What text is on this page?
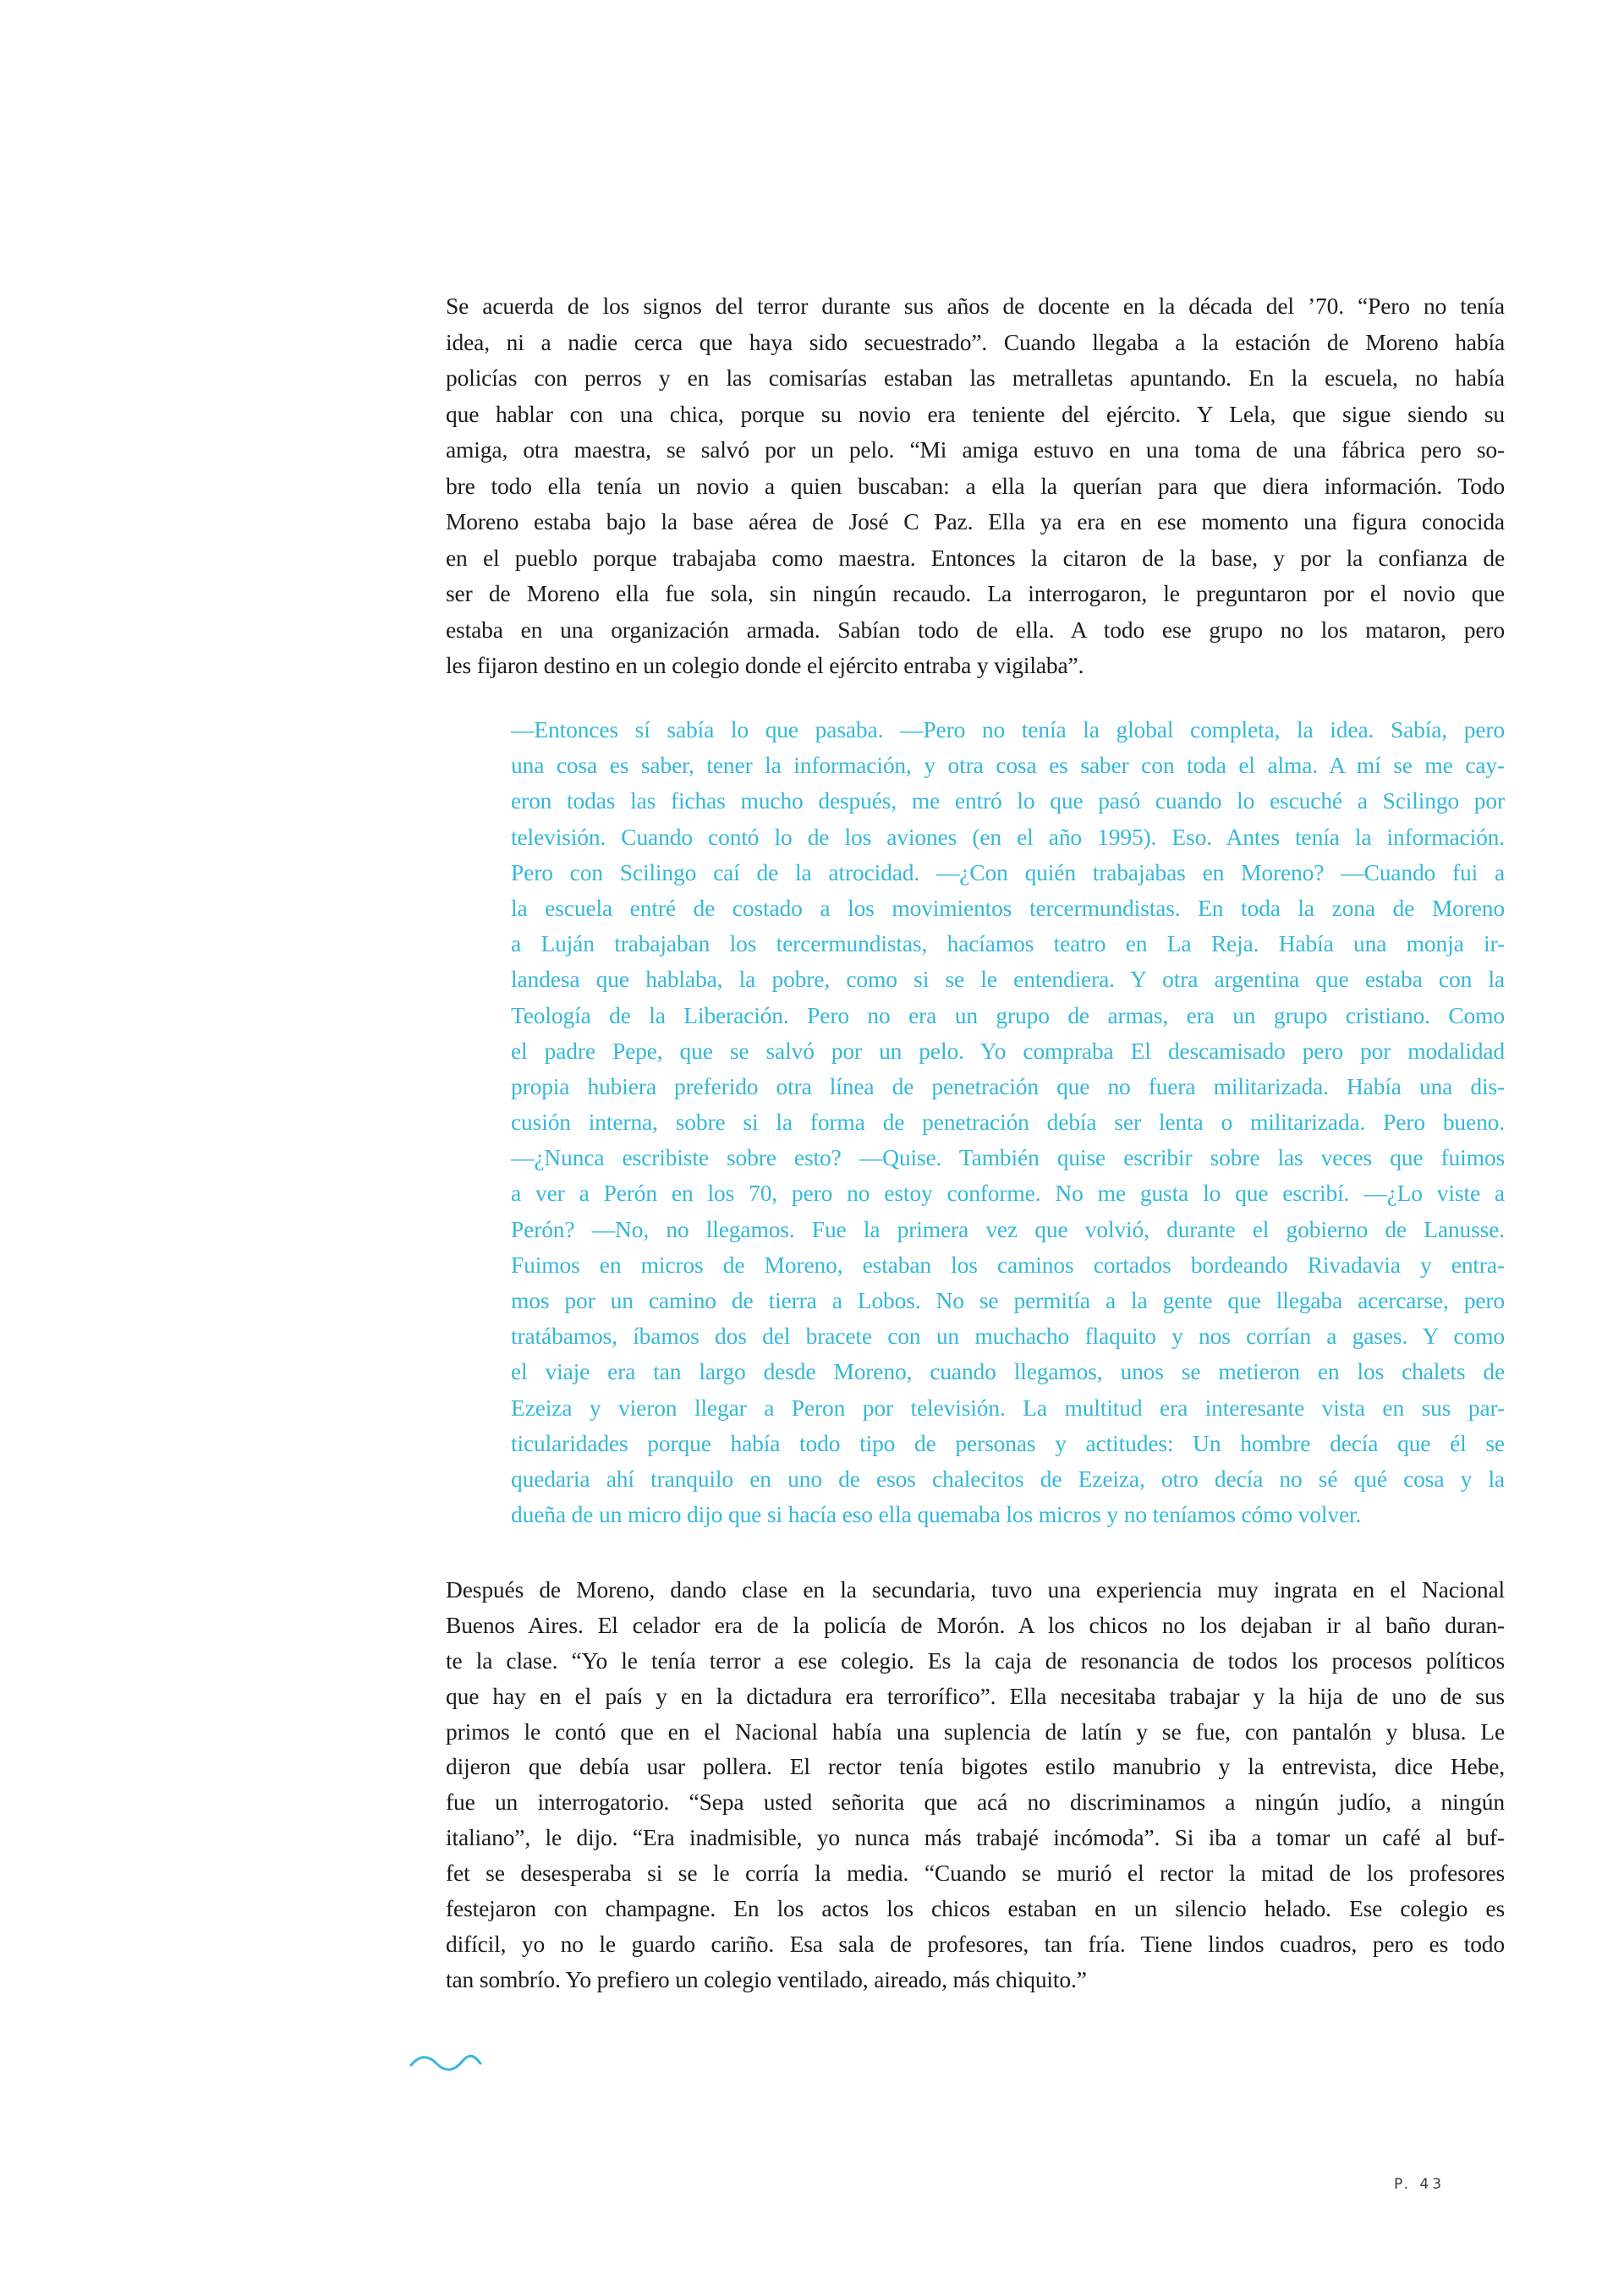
Se acuerda de los signos del terror durante sus años de docente en la década del ’70. “Pero no tenía
idea, ni a nadie cerca que haya sido secuestrado”. Cuando llegaba a la estación de Moreno había
policías con perros y en las comisarías estaban las metralletas apuntando. En la escuela, no había
que hablar con una chica, porque su novio era teniente del ejército. Y Lela, que sigue siendo su
amiga, otra maestra, se salvó por un pelo. “Mi amiga estuvo en una toma de una fábrica pero so-
bre todo ella tenía un novio a quien buscaban: a ella la querían para que diera información. Todo
Moreno estaba bajo la base aérea de José C Paz. Ella ya era en ese momento una figura conocida
en el pueblo porque trabajaba como maestra. Entonces la citaron de la base, y por la confianza de
ser de Moreno ella fue sola, sin ningún recaudo. La interrogaron, le preguntaron por el novio que
estaba en una organización armada. Sabían todo de ella. A todo ese grupo no los mataron, pero
les fijaron destino en un colegio donde el ejército entraba y vigilaba”.
—Entonces sí sabía lo que pasaba. —Pero no tenía la global completa, la idea. Sabía, pero
una cosa es saber, tener la información, y otra cosa es saber con toda el alma. A mí se me cay-
eron todas las fichas mucho después, me entró lo que pasó cuando lo escuché a Scilingo por
televisión. Cuando contó lo de los aviones (en el año 1995). Eso. Antes tenía la información.
Pero con Scilingo caí de la atrocidad. —¿Con quién trabajabas en Moreno? —Cuando fui a
la escuela entré de costado a los movimientos tercermundistas. En toda la zona de Moreno
a Luján trabajaban los tercermundistas, hacíamos teatro en La Reja. Había una monja ir-
landesa que hablaba, la pobre, como si se le entendiera. Y otra argentina que estaba con la
Teología de la Liberación. Pero no era un grupo de armas, era un grupo cristiano. Como
el padre Pepe, que se salvó por un pelo. Yo compraba El descamisado pero por modalidad
propia hubiera preferido otra línea de penetración que no fuera militarizada. Había una dis-
cusión interna, sobre si la forma de penetración debía ser lenta o militarizada. Pero bueno.
—¿Nunca escribiste sobre esto? —Quise. También quise escribir sobre las veces que fuimos
a ver a Perón en los 70, pero no estoy conforme. No me gusta lo que escribí. —¿Lo viste a
Perón? —No, no llegamos. Fue la primera vez que volvió, durante el gobierno de Lanusse.
Fuimos en micros de Moreno, estaban los caminos cortados bordeando Rivadavia y entra-
mos por un camino de tierra a Lobos. No se permitía a la gente que llegaba acercarse, pero
tratábamos, íbamos dos del bracete con un muchacho flaquito y nos corrían a gases. Y como
el viaje era tan largo desde Moreno, cuando llegamos, unos se metieron en los chalets de
Ezeiza y vieron llegar a Peron por televisión. La multitud era interesante vista en sus par-
ticularidades porque había todo tipo de personas y actitudes: Un hombre decía que él se
quedaria ahí tranquilo en uno de esos chalecitos de Ezeiza, otro decía no sé qué cosa y la
dueña de un micro dijo que si hacía eso ella quemaba los micros y no teníamos cómo volver.
Después de Moreno, dando clase en la secundaria, tuvo una experiencia muy ingrata en el Nacional
Buenos Aires. El celador era de la policía de Morón. A los chicos no los dejaban ir al baño duran-
te la clase. “Yo le tenía terror a ese colegio. Es la caja de resonancia de todos los procesos políticos
que hay en el país y en la dictadura era terrorífico”. Ella necesitaba trabajar y la hija de uno de sus
primos le contó que en el Nacional había una suplencia de latín y se fue, con pantalón y blusa. Le
dijeron que debía usar pollera. El rector tenía bigotes estilo manubrio y la entrevista, dice Hebe,
fue un interrogatorio. “Sepa usted señorita que acá no discriminamos a ningún judío, a ningún
italiano”, le dijo. “Era inadmisible, yo nunca más trabajé incómoda”. Si iba a tomar un café al buf-
fet se desesperaba si se le corría la media. “Cuando se murió el rector la mitad de los profesores
festejaron con champagne. En los actos los chicos estaban en un silencio helado. Ese colegio es
difícil, yo no le guardo cariño. Esa sala de profesores, tan fría. Tiene lindos cuadros, pero es todo
tan sombrío. Yo prefiero un colegio ventilado, aireado, más chiquito.”
P. 43
